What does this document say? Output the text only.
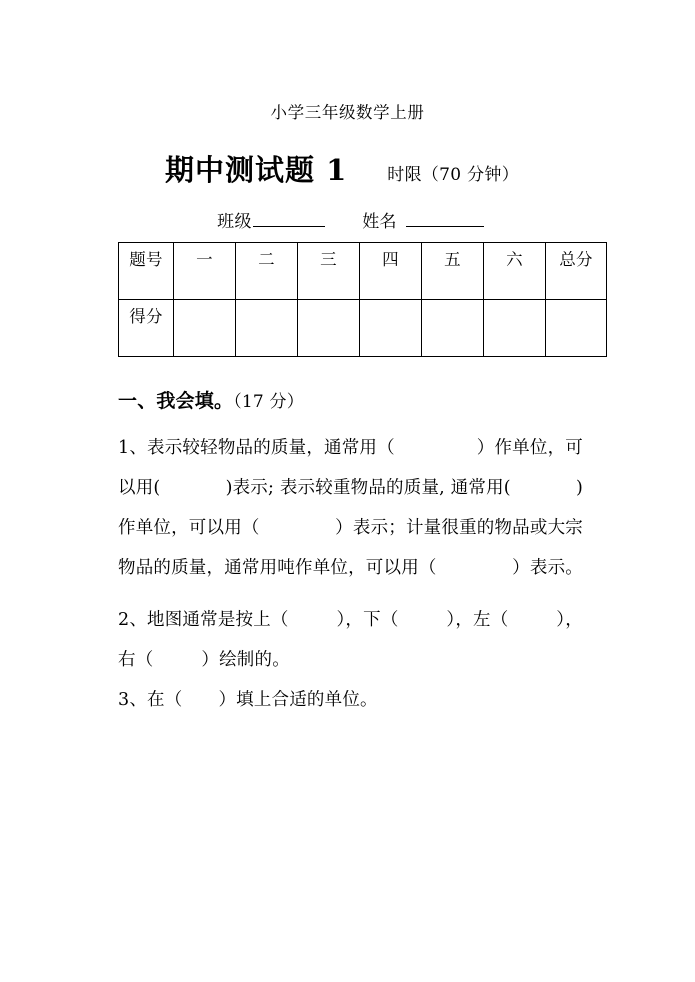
小学三年级数学上册
期中测试题 1 时限（70 分钟）
班级	姓名
题号	一	二	三	四	五	六	总分
得分							
一、我会填。（17 分）
1、表示较轻物品的质量，通常用（	）作单位，可
以用(	)表示; 表示较重物品的质量, 通常用(	)
作单位，可以用（	）表示；计量很重的物品或大宗
物品的质量，通常用吨作单位，可以用（	）表示。
2、地图通常是按上（	），下（	），左（	），
右（	）绘制的。
3、在（ ）填上合适的单位。
